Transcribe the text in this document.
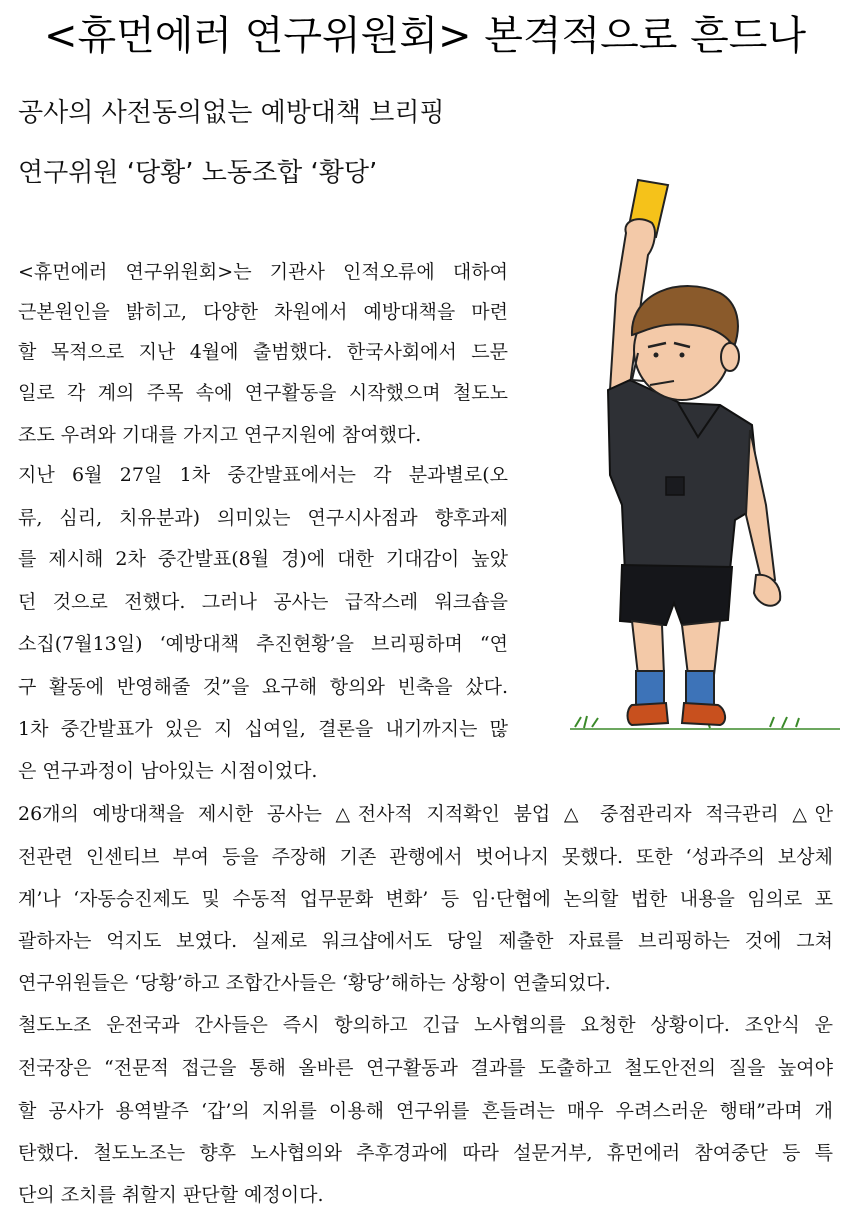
<휴먼에러 연구위원회> 본격적으로 흔드나
공사의 사전동의없는 예방대책 브리핑
연구위원 ‘당황’ 노동조합 ‘황당’
<휴먼에러 연구위원회>는 기관사 인적오류에 대하여
근본원인을 밝히고, 다양한 차원에서 예방대책을 마련
할 목적으로 지난 4월에 출범했다. 한국사회에서 드문
일로 각 계의 주목 속에 연구활동을 시작했으며 철도노
조도 우려와 기대를 가지고 연구지원에 참여했다.
지난 6월 27일 1차 중간발표에서는 각 분과별로(오
류, 심리, 치유분과) 의미있는 연구시사점과 향후과제
를 제시해 2차 중간발표(8월 경)에 대한 기대감이 높았
던 것으로 전했다. 그러나 공사는 급작스레 워크숍을
소집(7월13일) ‘예방대책 추진현황’을 브리핑하며 “연
구 활동에 반영해줄 것”을 요구해 항의와 빈축을 샀다.
1차 중간발표가 있은 지 십여일, 결론을 내기까지는 많
은 연구과정이 남아있는 시점이었다.
26개의 예방대책을 제시한 공사는 △전사적 지적확인 붐업 △ 중점관리자 적극관리 △안
전관련 인센티브 부여 등을 주장해 기존 관행에서 벗어나지 못했다. 또한 ‘성과주의 보상체
계’나 ‘자동승진제도 및 수동적 업무문화 변화’ 등 임·단협에 논의할 법한 내용을 임의로 포
괄하자는 억지도 보였다. 실제로 워크샵에서도 당일 제출한 자료를 브리핑하는 것에 그쳐
연구위원들은 ‘당황’하고 조합간사들은 ‘황당’해하는 상황이 연출되었다.
철도노조 운전국과 간사들은 즉시 항의하고 긴급 노사협의를 요청한 상황이다. 조안식 운
전국장은 “전문적 접근을 통해 올바른 연구활동과 결과를 도출하고 철도안전의 질을 높여야
할 공사가 용역발주 ‘갑’의 지위를 이용해 연구위를 흔들려는 매우 우려스러운 행태”라며 개
탄했다. 철도노조는 향후 노사협의와 추후경과에 따라 설문거부, 휴먼에러 참여중단 등 특
단의 조치를 취할지 판단할 예정이다.
